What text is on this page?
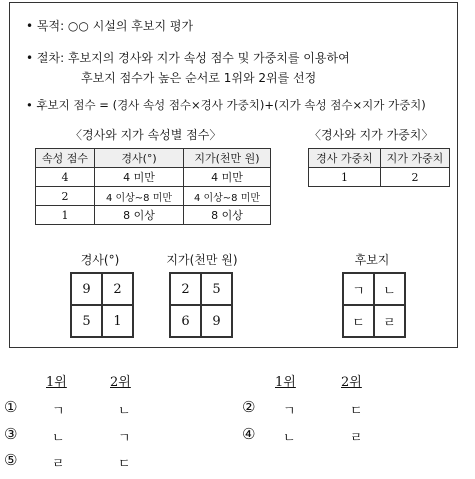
• 목적: ○○ 시설의 후보지 평가
• 절차: 후보지의 경사와 지가 속성 점수 및 가중치를 이용하여
후보지 점수가 높은 순서로 1위와 2위를 선정
• 후보지 점수 = (경사 속성 점수×경사 가중치)+(지가 속성 점수×지가 가중치)
〈경사와 지가 속성별 점수〉
속성 점수	경사(°)	지가(천만 원)
4	4 미만	4 미만
2	4 이상~8 미만	4 이상~8 미만
1	8 이상	8 이상
〈경사와 지가 가중치〉
경사 가중치	지가 가중치
1	2
경사(°)
9	2
5	1
지가(천만 원)
2	5
6	9
후보지
ㄱ	ㄴ
ㄷ	ㄹ
1위	2위	1위	2위
①	ㄱ	ㄴ	② ㄱ	ㄷ
③	ㄴ	ㄱ	④ ㄴ	ㄹ
⑤	ㄹ	ㄷ
